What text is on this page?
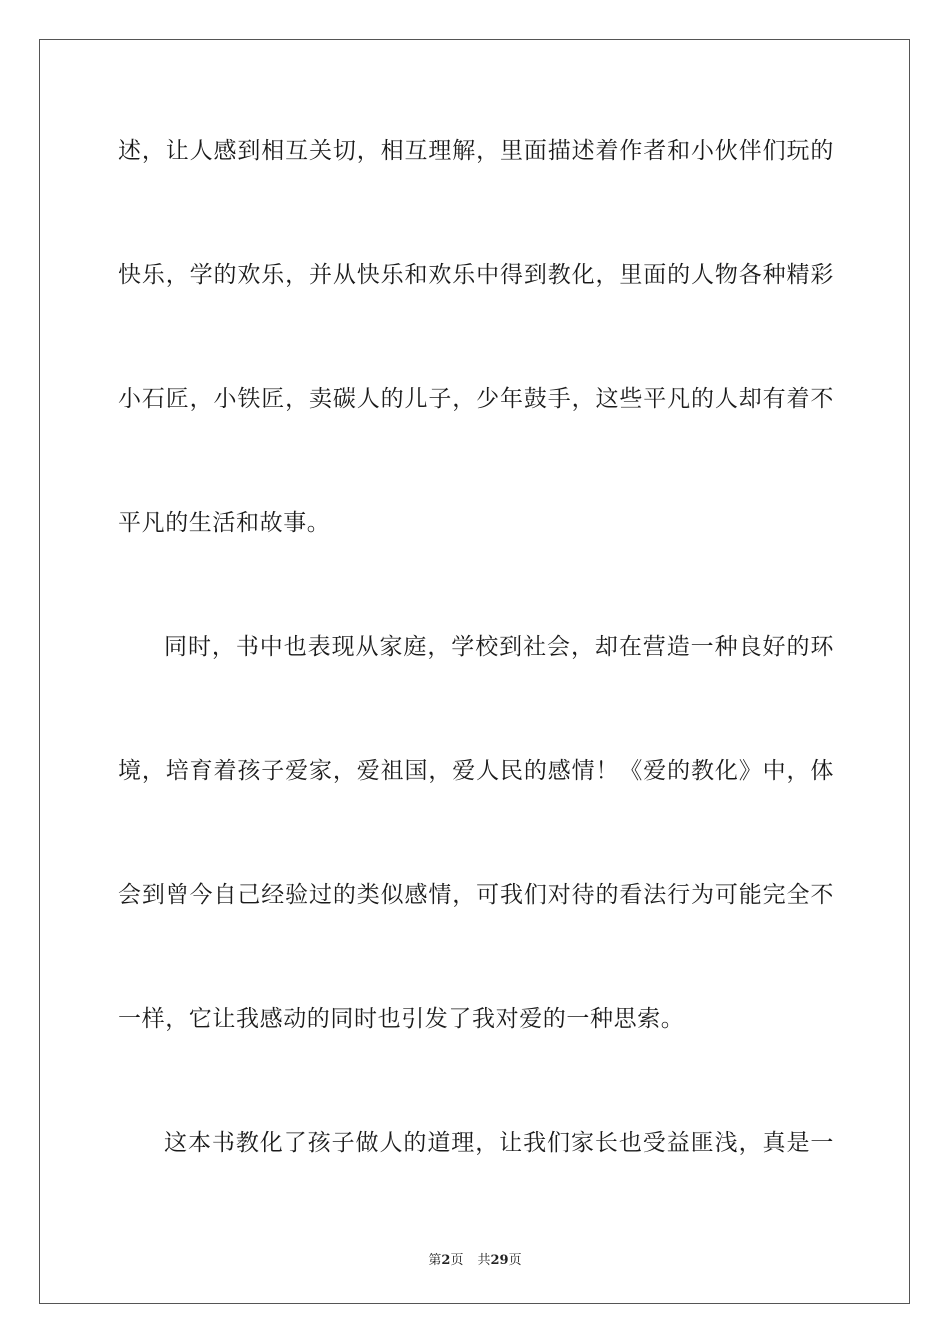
述，让人感到相互关切，相互理解，里面描述着作者和小伙伴们玩的
快乐，学的欢乐，并从快乐和欢乐中得到教化，里面的人物各种精彩
小石匠，小铁匠，卖碳人的儿子，少年鼓手，这些平凡的人却有着不
平凡的生活和故事。
同时，书中也表现从家庭，学校到社会，却在营造一种良好的环
境，培育着孩子爱家，爱祖国，爱人民的感情！《爱的教化》中，体
会到曾今自己经验过的类似感情，可我们对待的看法行为可能完全不
一样，它让我感动的同时也引发了我对爱的一种思索。
这本书教化了孩子做人的道理，让我们家长也受益匪浅，真是一
第2页 共29页
